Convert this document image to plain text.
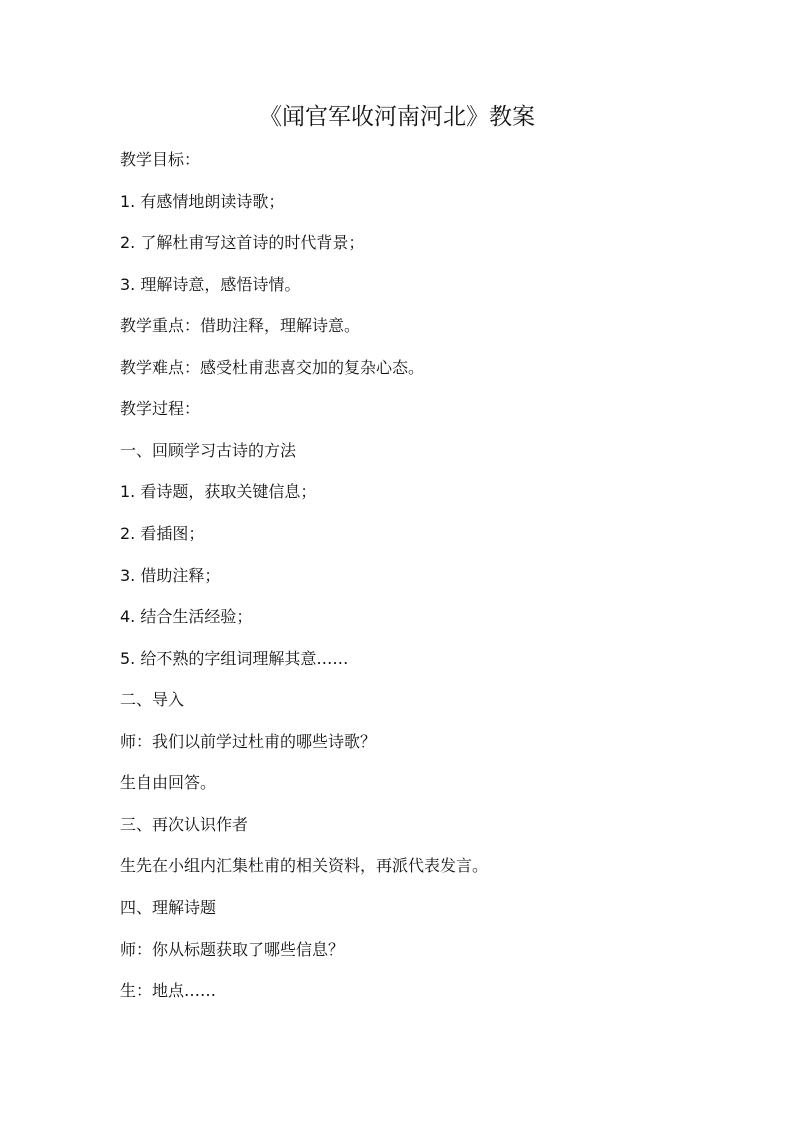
《闻官军收河南河北》教案
教学目标：
1. 有感情地朗读诗歌；
2. 了解杜甫写这首诗的时代背景；
3. 理解诗意，感悟诗情。
教学重点：借助注释，理解诗意。
教学难点：感受杜甫悲喜交加的复杂心态。
教学过程：
一、回顾学习古诗的方法
1. 看诗题，获取关键信息；
2. 看插图；
3. 借助注释；
4. 结合生活经验；
5. 给不熟的字组词理解其意……
二、导入
师：我们以前学过杜甫的哪些诗歌？
生自由回答。
三、再次认识作者
生先在小组内汇集杜甫的相关资料，再派代表发言。
四、理解诗题
师：你从标题获取了哪些信息？
生：地点……
